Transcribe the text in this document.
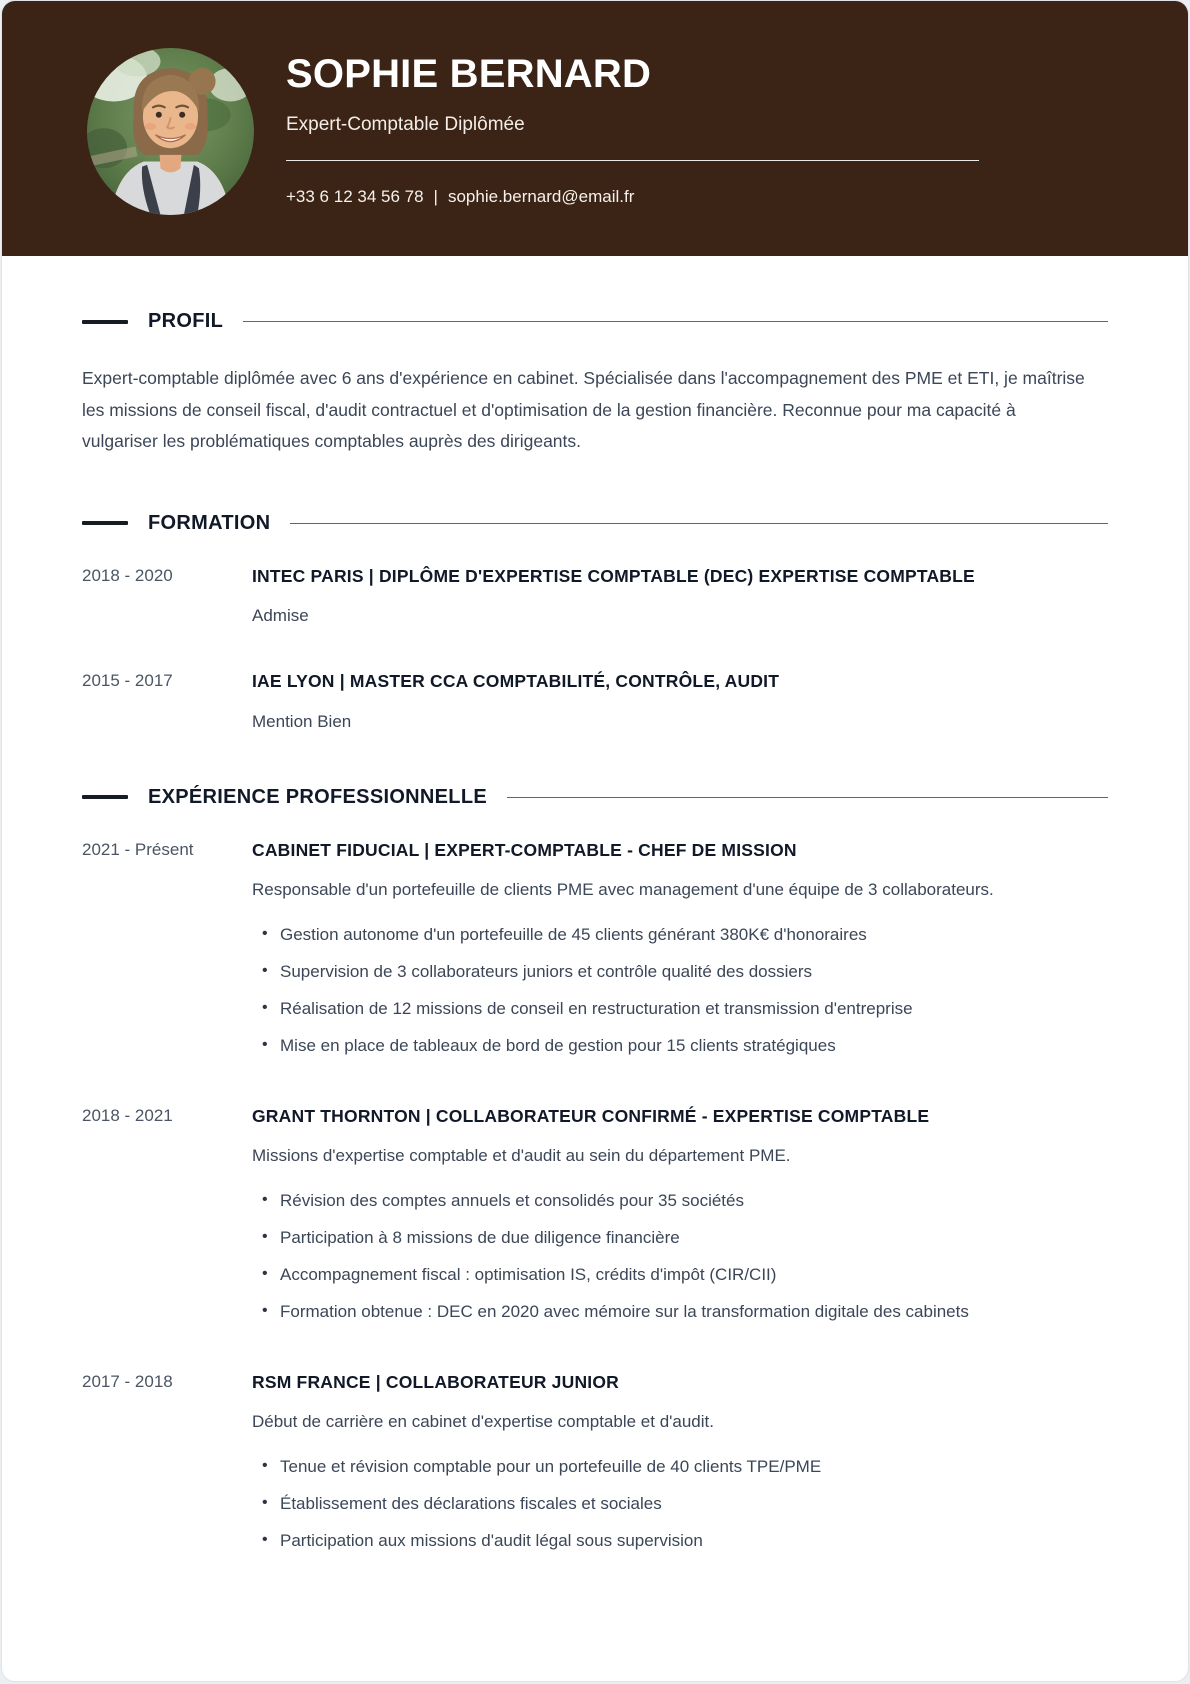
SOPHIE BERNARD
Expert-Comptable Diplômée
+33 6 12 34 56 78 | sophie.bernard@email.fr
PROFIL

Expert-comptable diplômée avec 6 ans d'expérience en cabinet. Spécialisée dans l'accompagnement des PME et ETI, je maîtrise les missions de conseil fiscal, d'audit contractuel et d'optimisation de la gestion financière. Reconnue pour ma capacité à vulgariser les problématiques comptables auprès des dirigeants.

FORMATION
2018 - 2020	INTEC PARIS | DIPLÔME D'EXPERTISE COMPTABLE (DEC) EXPERTISE COMPTABLE
Admise
2015 - 2017	IAE LYON | MASTER CCA COMPTABILITÉ, CONTRÔLE, AUDIT
Mention Bien
EXPÉRIENCE PROFESSIONNELLE
2021 - Présent	CABINET FIDUCIAL | EXPERT-COMPTABLE - CHEF DE MISSION

Responsable d'un portefeuille de clients PME avec management d'une équipe de 3 collaborateurs.

• Gestion autonome d'un portefeuille de 45 clients générant 380K€ d'honoraires
• Supervision de 3 collaborateurs juniors et contrôle qualité des dossiers
• Réalisation de 12 missions de conseil en restructuration et transmission d'entreprise
• Mise en place de tableaux de bord de gestion pour 15 clients stratégiques
2018 - 2021	GRANT THORNTON | COLLABORATEUR CONFIRMÉ - EXPERTISE COMPTABLE

Missions d'expertise comptable et d'audit au sein du département PME.

• Révision des comptes annuels et consolidés pour 35 sociétés
• Participation à 8 missions de due diligence financière
• Accompagnement fiscal : optimisation IS, crédits d'impôt (CIR/CII)
• Formation obtenue : DEC en 2020 avec mémoire sur la transformation digitale des cabinets
2017 - 2018	RSM FRANCE | COLLABORATEUR JUNIOR

Début de carrière en cabinet d'expertise comptable et d'audit.

• Tenue et révision comptable pour un portefeuille de 40 clients TPE/PME
• Établissement des déclarations fiscales et sociales
• Participation aux missions d'audit légal sous supervision
